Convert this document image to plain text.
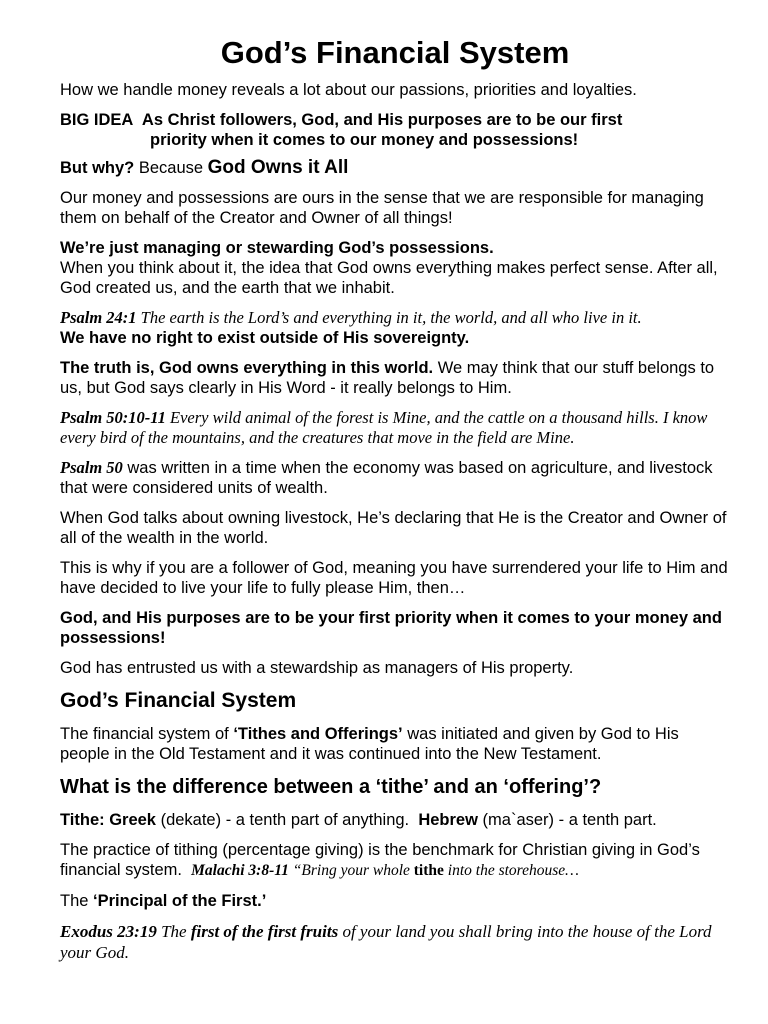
God’s Financial System

How we handle money reveals a lot about our passions, priorities and loyalties.

BIG IDEA As Christ followers, God, and His purposes are to be our first
priority when it comes to our money and possessions!

But why? Because God Owns it All

Our money and possessions are ours in the sense that we are responsible for managing them on behalf of the Creator and Owner of all things!

We’re just managing or stewarding God’s possessions.
When you think about it, the idea that God owns everything makes perfect sense. After all, God created us, and the earth that we inhabit.

Psalm 24:1 The earth is the Lord’s and everything in it, the world, and all who live in it.

We have no right to exist outside of His sovereignty.

The truth is, God owns everything in this world. We may think that our stuff belongs to us, but God says clearly in His Word - it really belongs to Him.

Psalm 50:10-11 Every wild animal of the forest is Mine, and the cattle on a thousand hills. I know every bird of the mountains, and the creatures that move in the field are Mine.

Psalm 50 was written in a time when the economy was based on agriculture, and livestock that were considered units of wealth.

When God talks about owning livestock, He’s declaring that He is the Creator and Owner of all of the wealth in the world.

This is why if you are a follower of God, meaning you have surrendered your life to Him and have decided to live your life to fully please Him, then…

God, and His purposes are to be your first priority when it comes to your money and possessions!

God has entrusted us with a stewardship as managers of His property.

God’s Financial System

The financial system of ‘Tithes and Offerings’ was initiated and given by God to His people in the Old Testament and it was continued into the New Testament.

What is the difference between a ‘tithe’ and an ‘offering’?

Tithe: Greek (dekate) - a tenth part of anything. Hebrew (ma`aser) - a tenth part.

The practice of tithing (percentage giving) is the benchmark for Christian giving in God’s financial system. Malachi 3:8-11 “Bring your whole tithe into the storehouse…

The ‘Principal of the First.’

Exodus 23:19 The first of the first fruits of your land you shall bring into the house of the Lord your God.
